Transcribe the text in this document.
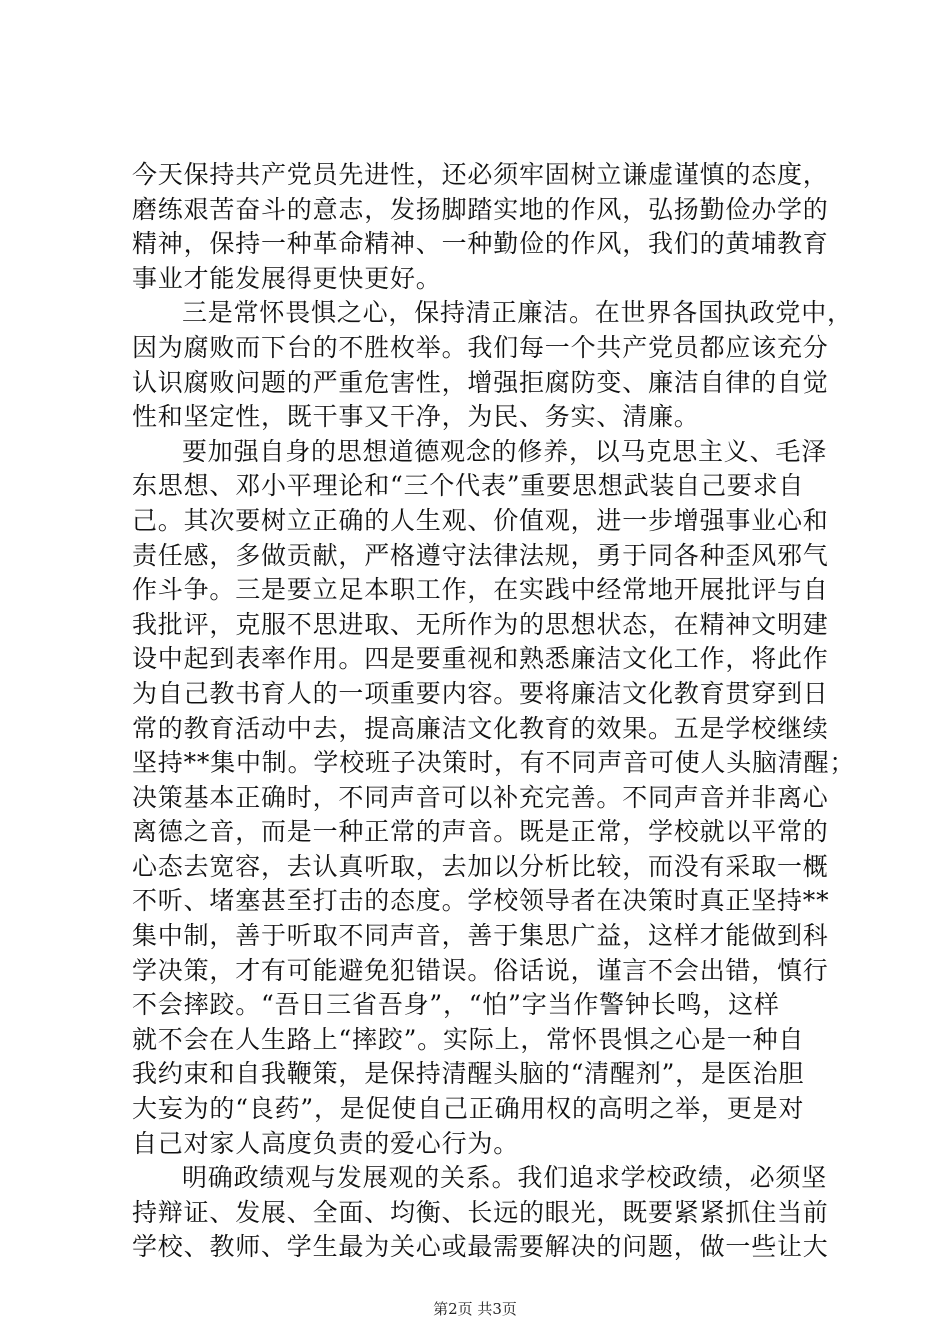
今天保持共产党员先进性，还必须牢固树立谦虚谨慎的态度，
磨练艰苦奋斗的意志，发扬脚踏实地的作风，弘扬勤俭办学的
精神，保持一种革命精神、一种勤俭的作风，我们的黄埔教育
事业才能发展得更快更好。
三是常怀畏惧之心，保持清正廉洁。在世界各国执政党中，
因为腐败而下台的不胜枚举。我们每一个共产党员都应该充分
认识腐败问题的严重危害性，增强拒腐防变、廉洁自律的自觉
性和坚定性，既干事又干净，为民、务实、清廉。
要加强自身的思想道德观念的修养，以马克思主义、毛泽
东思想、邓小平理论和“三个代表”重要思想武装自己要求自
己。其次要树立正确的人生观、价值观，进一步增强事业心和
责任感，多做贡献，严格遵守法律法规，勇于同各种歪风邪气
作斗争。三是要立足本职工作，在实践中经常地开展批评与自
我批评，克服不思进取、无所作为的思想状态，在精神文明建
设中起到表率作用。四是要重视和熟悉廉洁文化工作，将此作
为自己教书育人的一项重要内容。要将廉洁文化教育贯穿到日
常的教育活动中去，提高廉洁文化教育的效果。五是学校继续
坚持**集中制。学校班子决策时，有不同声音可使人头脑清醒；
决策基本正确时，不同声音可以补充完善。不同声音并非离心
离德之音，而是一种正常的声音。既是正常，学校就以平常的
心态去宽容，去认真听取，去加以分析比较，而没有采取一概
不听、堵塞甚至打击的态度。学校领导者在决策时真正坚持**
集中制，善于听取不同声音，善于集思广益，这样才能做到科
学决策，才有可能避免犯错误。俗话说，谨言不会出错，慎行
不会摔跤。“吾日三省吾身”，“怕”字当作警钟长鸣，这样
就不会在人生路上“摔跤”。实际上，常怀畏惧之心是一种自
我约束和自我鞭策，是保持清醒头脑的“清醒剂”，是医治胆
大妄为的“良药”，是促使自己正确用权的高明之举，更是对
自己对家人高度负责的爱心行为。
明确政绩观与发展观的关系。我们追求学校政绩，必须坚
持辩证、发展、全面、均衡、长远的眼光，既要紧紧抓住当前
学校、教师、学生最为关心或最需要解决的问题，做一些让大
第2页 共3页
